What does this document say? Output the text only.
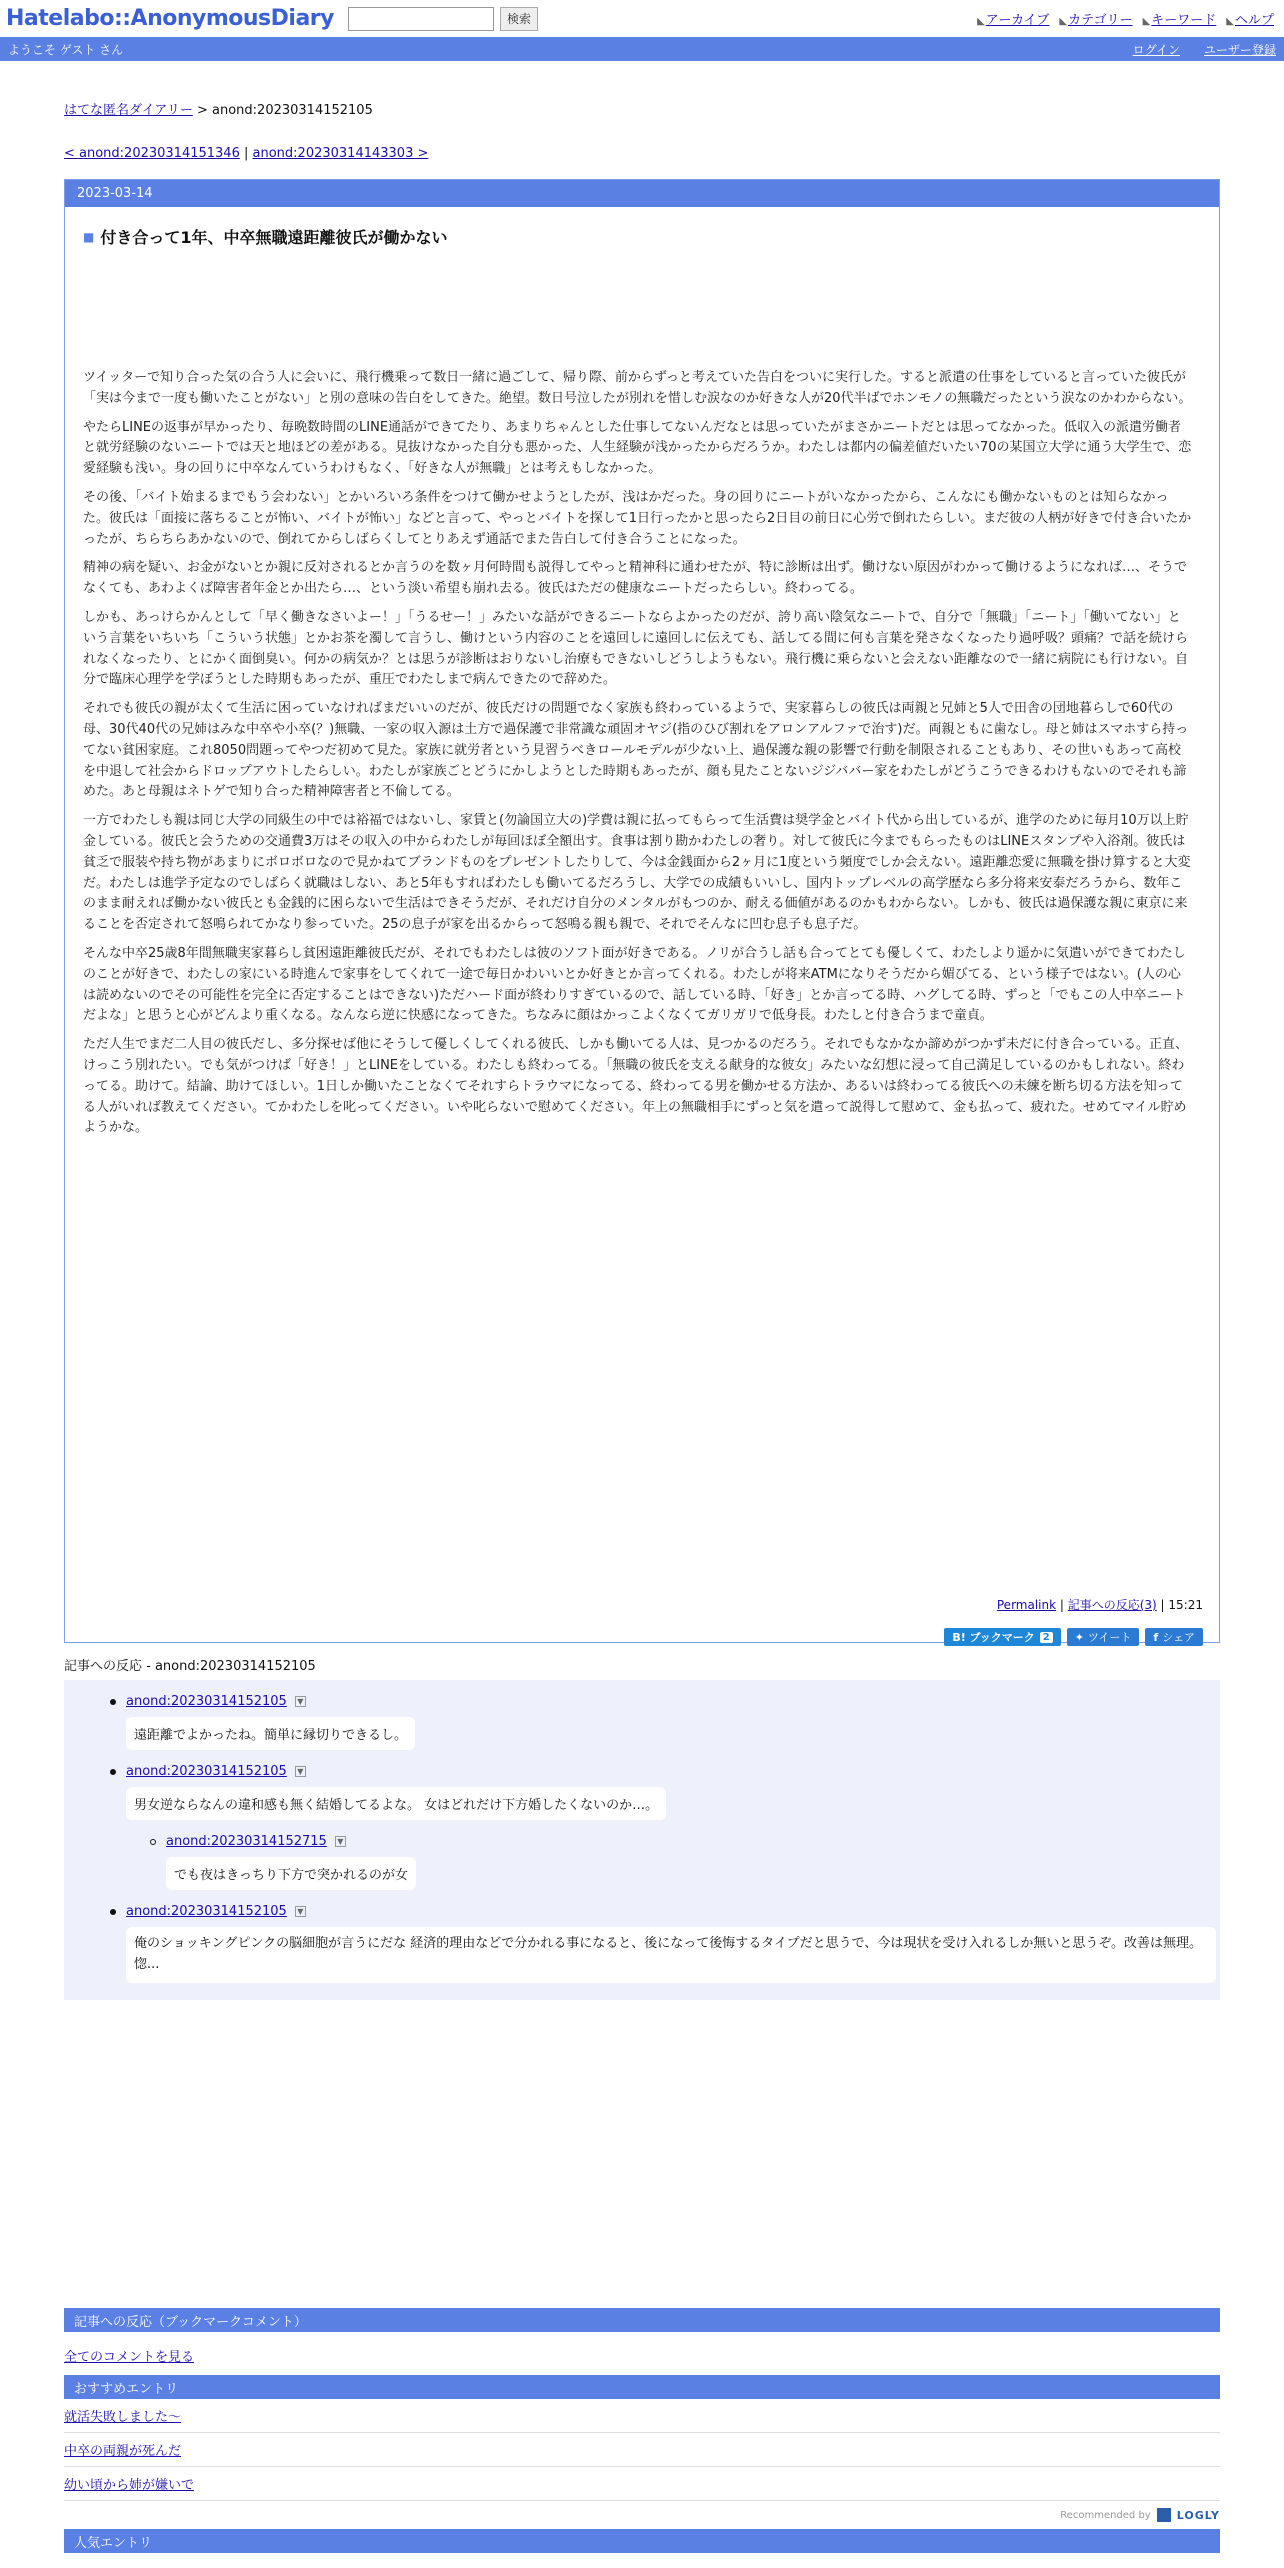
Hatelabo::AnonymousDiary	検索	◣アーカイブ ◣カテゴリー ◣キーワード ◣ヘルプ
ようこそ ゲスト さん	ログイン ユーザー登録
はてな匿名ダイアリー > anond:20230314152105
< anond:20230314151346 | anond:20230314143303 >
2023-03-14
■ 付き合って1年、中卒無職遠距離彼氏が働かない

ツイッターで知り合った気の合う人に会いに、飛行機乗って数日一緒に過ごして、帰り際、前からずっと考えていた告白をついに実行した。すると派遣の仕事をしていると言っていた彼氏が「実は今まで一度も働いたことがない」と別の意味の告白をしてきた。絶望。数日号泣したが別れを惜しむ涙なのか好きな人が20代半ばでホンモノの無職だったという涙なのかわからない。

やたらLINEの返事が早かったり、毎晩数時間のLINE通話ができてたり、あまりちゃんとした仕事してないんだなとは思っていたがまさかニートだとは思ってなかった。低収入の派遣労働者と就労経験のないニートでは天と地ほどの差がある。見抜けなかった自分も悪かった、人生経験が浅かったからだろうか。わたしは都内の偏差値だいたい70の某国立大学に通う大学生で、恋愛経験も浅い。身の回りに中卒なんていうわけもなく、「好きな人が無職」とは考えもしなかった。

その後、「バイト始まるまでもう会わない」とかいろいろ条件をつけて働かせようとしたが、浅はかだった。身の回りにニートがいなかったから、こんなにも働かないものとは知らなかった。彼氏は「面接に落ちることが怖い、バイトが怖い」などと言って、やっとバイトを探して1日行ったかと思ったら2日目の前日に心労で倒れたらしい。まだ彼の人柄が好きで付き合いたかったが、ちらちらあかないので、倒れてからしばらくしてとりあえず通話でまた告白して付き合うことになった。

精神の病を疑い、お金がないとか親に反対されるとか言うのを数ヶ月何時間も説得してやっと精神科に通わせたが、特に診断は出ず。働けない原因がわかって働けるようになれば…、そうでなくても、あわよくば障害者年金とか出たら…、という淡い希望も崩れ去る。彼氏はただの健康なニートだったらしい。終わってる。

しかも、あっけらかんとして「早く働きなさいよー！」「うるせー！」みたいな話ができるニートならよかったのだが、誇り高い陰気なニートで、自分で「無職」「ニート」「働いてない」という言葉をいちいち「こういう状態」とかお茶を濁して言うし、働けという内容のことを遠回しに遠回しに伝えても、話してる間に何も言葉を発さなくなったり過呼吸？頭痛？で話を続けられなくなったり、とにかく面倒臭い。何かの病気か？とは思うが診断はおりないし治療もできないしどうしようもない。飛行機に乗らないと会えない距離なので一緒に病院にも行けない。自分で臨床心理学を学ぼうとした時期もあったが、重圧でわたしまで病んできたので辞めた。

それでも彼氏の親が太くて生活に困っていなければまだいいのだが、彼氏だけの問題でなく家族も終わっているようで、実家暮らしの彼氏は両親と兄姉と5人で田舎の団地暮らしで60代の母、30代40代の兄姉はみな中卒や小卒(？)無職、一家の収入源は土方で過保護で非常識な頑固オヤジ(指のひび割れをアロンアルファで治す)だ。両親ともに歯なし。母と姉はスマホすら持ってない貧困家庭。これ8050問題ってやつだ初めて見た。家族に就労者という見習うべきロールモデルが少ない上、過保護な親の影響で行動を制限されることもあり、その世いもあって高校を中退して社会からドロップアウトしたらしい。わたしが家族ごとどうにかしようとした時期もあったが、顔も見たことないジジババー家をわたしがどうこうできるわけもないのでそれも諦めた。あと母親はネトゲで知り合った精神障害者と不倫してる。

一方でわたしも親は同じ大学の同級生の中では裕福ではないし、家賃と(勿論国立大の)学費は親に払ってもらって生活費は奨学金とバイト代から出しているが、進学のために毎月10万以上貯金している。彼氏と会うための交通費3万はその収入の中からわたしが毎回ほぼ全額出す。食事は割り勘かわたしの奢り。対して彼氏に今までもらったものはLINEスタンプや入浴剤。彼氏は貧乏で服装や持ち物があまりにボロボロなので見かねてブランドものをプレゼントしたりして、今は金銭面から2ヶ月に1度という頻度でしか会えない。遠距離恋愛に無職を掛け算すると大変だ。わたしは進学予定なのでしばらく就職はしない、あと5年もすればわたしも働いてるだろうし、大学での成績もいいし、国内トップレベルの高学歴なら多分将来安泰だろうから、数年このまま耐えれば働かない彼氏とも金銭的に困らないで生活はできそうだが、それだけ自分のメンタルがもつのか、耐える価値があるのかもわからない。しかも、彼氏は過保護な親に東京に来ることを否定されて怒鳴られてかなり参っていた。25の息子が家を出るからって怒鳴る親も親で、それでそんなに凹む息子も息子だ。

そんな中卒25歳8年間無職実家暮らし貧困遠距離彼氏だが、それでもわたしは彼のソフト面が好きである。ノリが合うし話も合ってとても優しくて、わたしより遥かに気遣いができてわたしのことが好きで、わたしの家にいる時進んで家事をしてくれて一途で毎日かわいいとか好きとか言ってくれる。わたしが将来ATMになりそうだから媚びてる、という様子ではない。(人の心は読めないのでその可能性を完全に否定することはできない)ただハード面が終わりすぎているので、話している時、「好き」とか言ってる時、ハグしてる時、ずっと「でもこの人中卒ニートだよな」と思うと心がどんより重くなる。なんなら逆に快感になってきた。ちなみに顔はかっこよくなくてガリガリで低身長。わたしと付き合うまで童貞。

ただ人生でまだ二人目の彼氏だし、多分探せば他にそうして優しくしてくれる彼氏、しかも働いてる人は、見つかるのだろう。それでもなかなか諦めがつかず未だに付き合っている。正直、けっこう別れたい。でも気がつけば「好き！」とLINEをしている。わたしも終わってる。「無職の彼氏を支える献身的な彼女」みたいな幻想に浸って自己満足しているのかもしれない。終わってる。助けて。結論、助けてほしい。1日しか働いたことなくてそれすらトラウマになってる、終わってる男を働かせる方法か、あるいは終わってる彼氏への未練を断ち切る方法を知ってる人がいれば教えてください。てかわたしを叱ってください。いや叱らないで慰めてください。年上の無職相手にずっと気を遣って説得して慰めて、金も払って、疲れた。せめてマイル貯めようかな。

Permalink | 記事への反応(3) | 15:21
B! ブックマーク 2 ✦ ツイート f シェア
記事への反応 - anond:20230314152105
anond:20230314152105	▼
遠距離でよかったね。簡単に縁切りできるし。
anond:20230314152105	▼
男女逆ならなんの違和感も無く結婚してるよな。 女はどれだけ下方婚したくないのか…。
anond:20230314152715	▼
でも夜はきっちり下方で突かれるのが女
anond:20230314152105	▼
俺のショッキングピンクの脳細胞が言うにだな 経済的理由などで分かれる事になると、後になって後悔するタイプだと思うで、今は現状を受け入れるしか無いと思うぞ。改善は無理。惚...
記事への反応（ブックマークコメント）
全てのコメントを見る
おすすめエントリ
就活失敗しました〜
中卒の両親が死んだ
幼い頃から姉が嫌いで
Recommended by LOGLY
人気エントリ
